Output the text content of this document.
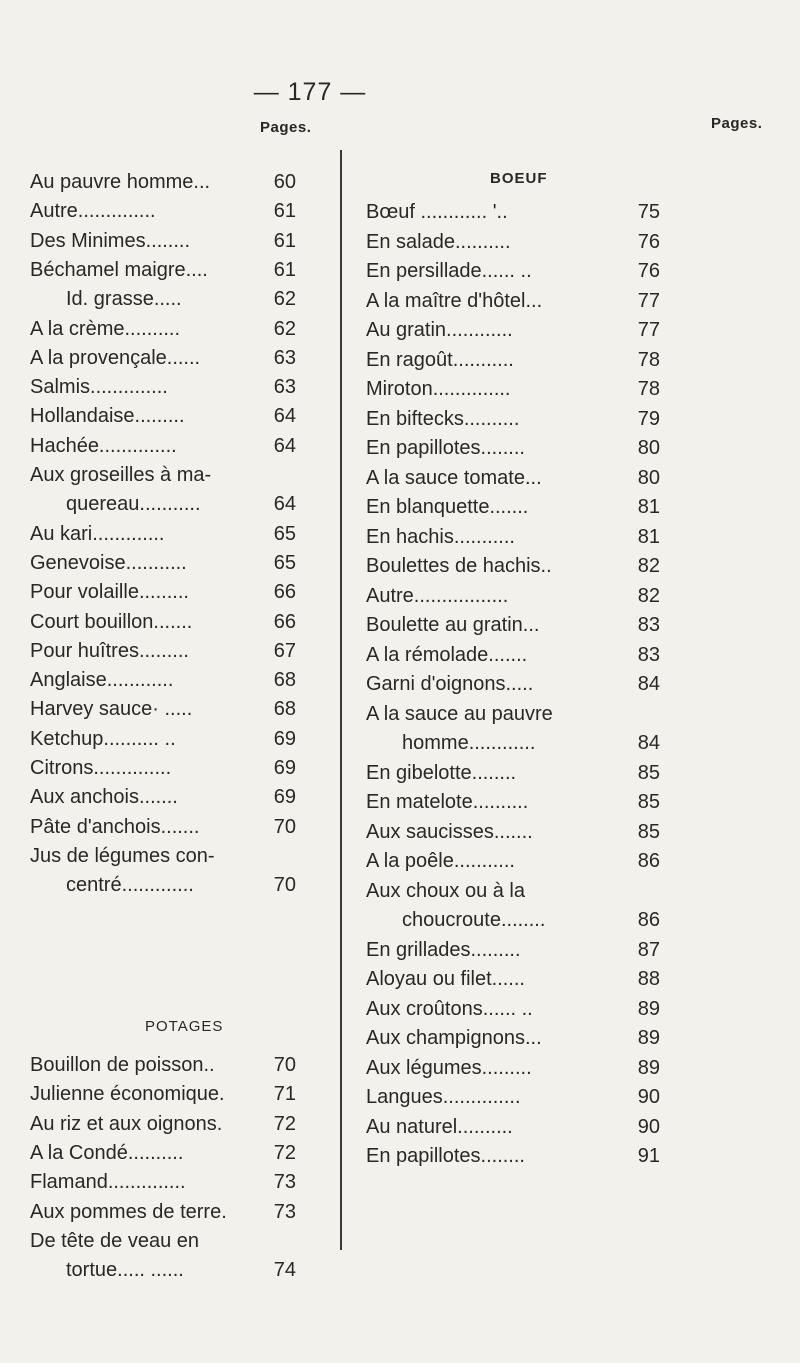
— 177 —
Pages.	Pages.
POTAGES
BOEUF
Au pauvre homme...	60
Autre..............	61
Des Minimes........	61
Béchamel maigre....	61
Id. grasse.....	62
A la crème..........	62
A la provençale......	63
Salmis..............	63
Hollandaise.........	64
Hachée..............	64
Aux groseilles à ma-
quereau...........	64
Au kari.............	65
Genevoise...........	65
Pour volaille.........	66
Court bouillon.......	66
Pour huîtres.........	67
Anglaise............	68
Harvey sauce· .....	68
Ketchup.......... ..	69
Citrons..............	69
Aux anchois.......	69
Pâte d'anchois.......	70
Jus de légumes con-
centré.............	70
Bouillon de poisson..	70
Julienne économique.	71
Au riz et aux oignons.	72
A la Condé..........	72
Flamand..............	73
Aux pommes de terre.	73
De tête de veau en
tortue..... ......	74
Bœuf ............ '..	75
En salade..........	76
En persillade...... ..	76
A la maître d'hôtel...	77
Au gratin............	77
En ragoût...........	78
Miroton..............	78
En biftecks..........	79
En papillotes........	80
A la sauce tomate...	80
En blanquette.......	81
En hachis...........	81
Boulettes de hachis..	82
Autre.................	82
Boulette au gratin...	83
A la rémolade.......	83
Garni d'oignons.....	84
A la sauce au pauvre
homme............	84
En gibelotte........	85
En matelote..........	85
Aux saucisses.......	85
A la poêle...........	86
Aux choux ou à la
choucroute........	86
En grillades.........	87
Aloyau ou filet......	88
Aux croûtons...... ..	89
Aux champignons...	89
Aux légumes.........	89
Langues..............	90
Au naturel..........	90
En papillotes........	91
